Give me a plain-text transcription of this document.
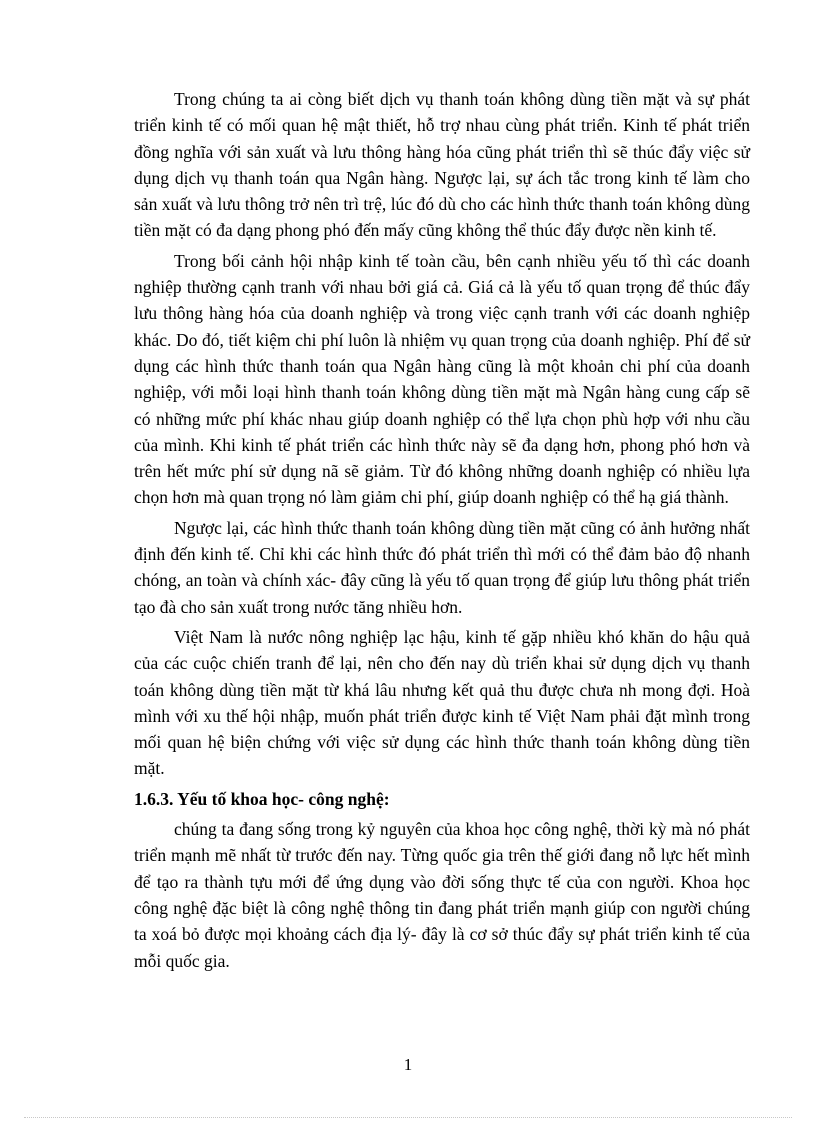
Trong chúng ta ai còng biết dịch vụ thanh toán không dùng tiền mặt và sự phát triển kinh tế có mối quan hệ mật thiết, hỗ trợ nhau cùng phát triển. Kinh tế phát triển đồng nghĩa với sản xuất và lưu thông hàng hóa cũng phát triển thì sẽ thúc đẩy việc sử dụng dịch vụ thanh toán qua Ngân hàng. Ngược lại, sự ách tắc trong kinh tế làm cho sản xuất và lưu thông trở nên trì trệ, lúc đó dù cho các hình thức thanh toán không dùng tiền mặt có đa dạng phong phó đến mấy cũng không thể thúc đẩy được nền kinh tế.

Trong bối cảnh hội nhập kinh tế toàn cầu, bên cạnh nhiều yếu tố thì các doanh nghiệp thường cạnh tranh với nhau bởi giá cả. Giá cả là yếu tố quan trọng để thúc đẩy lưu thông hàng hóa của doanh nghiệp và trong việc cạnh tranh với các doanh nghiệp khác. Do đó, tiết kiệm chi phí luôn là nhiệm vụ quan trọng của doanh nghiệp. Phí để sử dụng các hình thức thanh toán qua Ngân hàng cũng là một khoản chi phí của doanh nghiệp, với mỗi loại hình thanh toán không dùng tiền mặt mà Ngân hàng cung cấp sẽ có những mức phí khác nhau giúp doanh nghiệp có thể lựa chọn phù hợp với nhu cầu của mình. Khi kinh tế phát triển các hình thức này sẽ đa dạng hơn, phong phó hơn và trên hết mức phí sử dụng nã sẽ giảm. Từ đó không những doanh nghiệp có nhiều lựa chọn hơn mà quan trọng nó làm giảm chi phí, giúp doanh nghiệp có thể hạ giá thành.

Ngược lại, các hình thức thanh toán không dùng tiền mặt cũng có ảnh hưởng nhất định đến kinh tế. Chỉ khi các hình thức đó phát triển thì mới có thể đảm bảo độ nhanh chóng, an toàn và chính xác- đây cũng là yếu tố quan trọng để giúp lưu thông phát triển tạo đà cho sản xuất trong nước tăng nhiều hơn.

Việt Nam là nước nông nghiệp lạc hậu, kinh tế gặp nhiều khó khăn do hậu quả của các cuộc chiến tranh để lại, nên cho đến nay dù triển khai sử dụng dịch vụ thanh toán không dùng tiền mặt từ khá lâu nhưng kết quả thu được chưa nh mong đợi. Hoà mình với xu thế hội nhập, muốn phát triển được kinh tế Việt Nam phải đặt mình trong mối quan hệ biện chứng với việc sử dụng các hình thức thanh toán không dùng tiền mặt.

1.6.3. Yếu tố khoa học- công nghệ:

chúng ta đang sống trong kỷ nguyên của khoa học công nghệ, thời kỳ mà nó phát triển mạnh mẽ nhất từ trước đến nay. Từng quốc gia trên thế giới đang nỗ lực hết mình để tạo ra thành tựu mới để ứng dụng vào đời sống thực tế của con người. Khoa học công nghệ đặc biệt là công nghệ thông tin đang phát triển mạnh giúp con người chúng ta xoá bỏ được mọi khoảng cách địa lý- đây là cơ sở thúc đẩy sự phát triển kinh tế của mỗi quốc gia.

1
